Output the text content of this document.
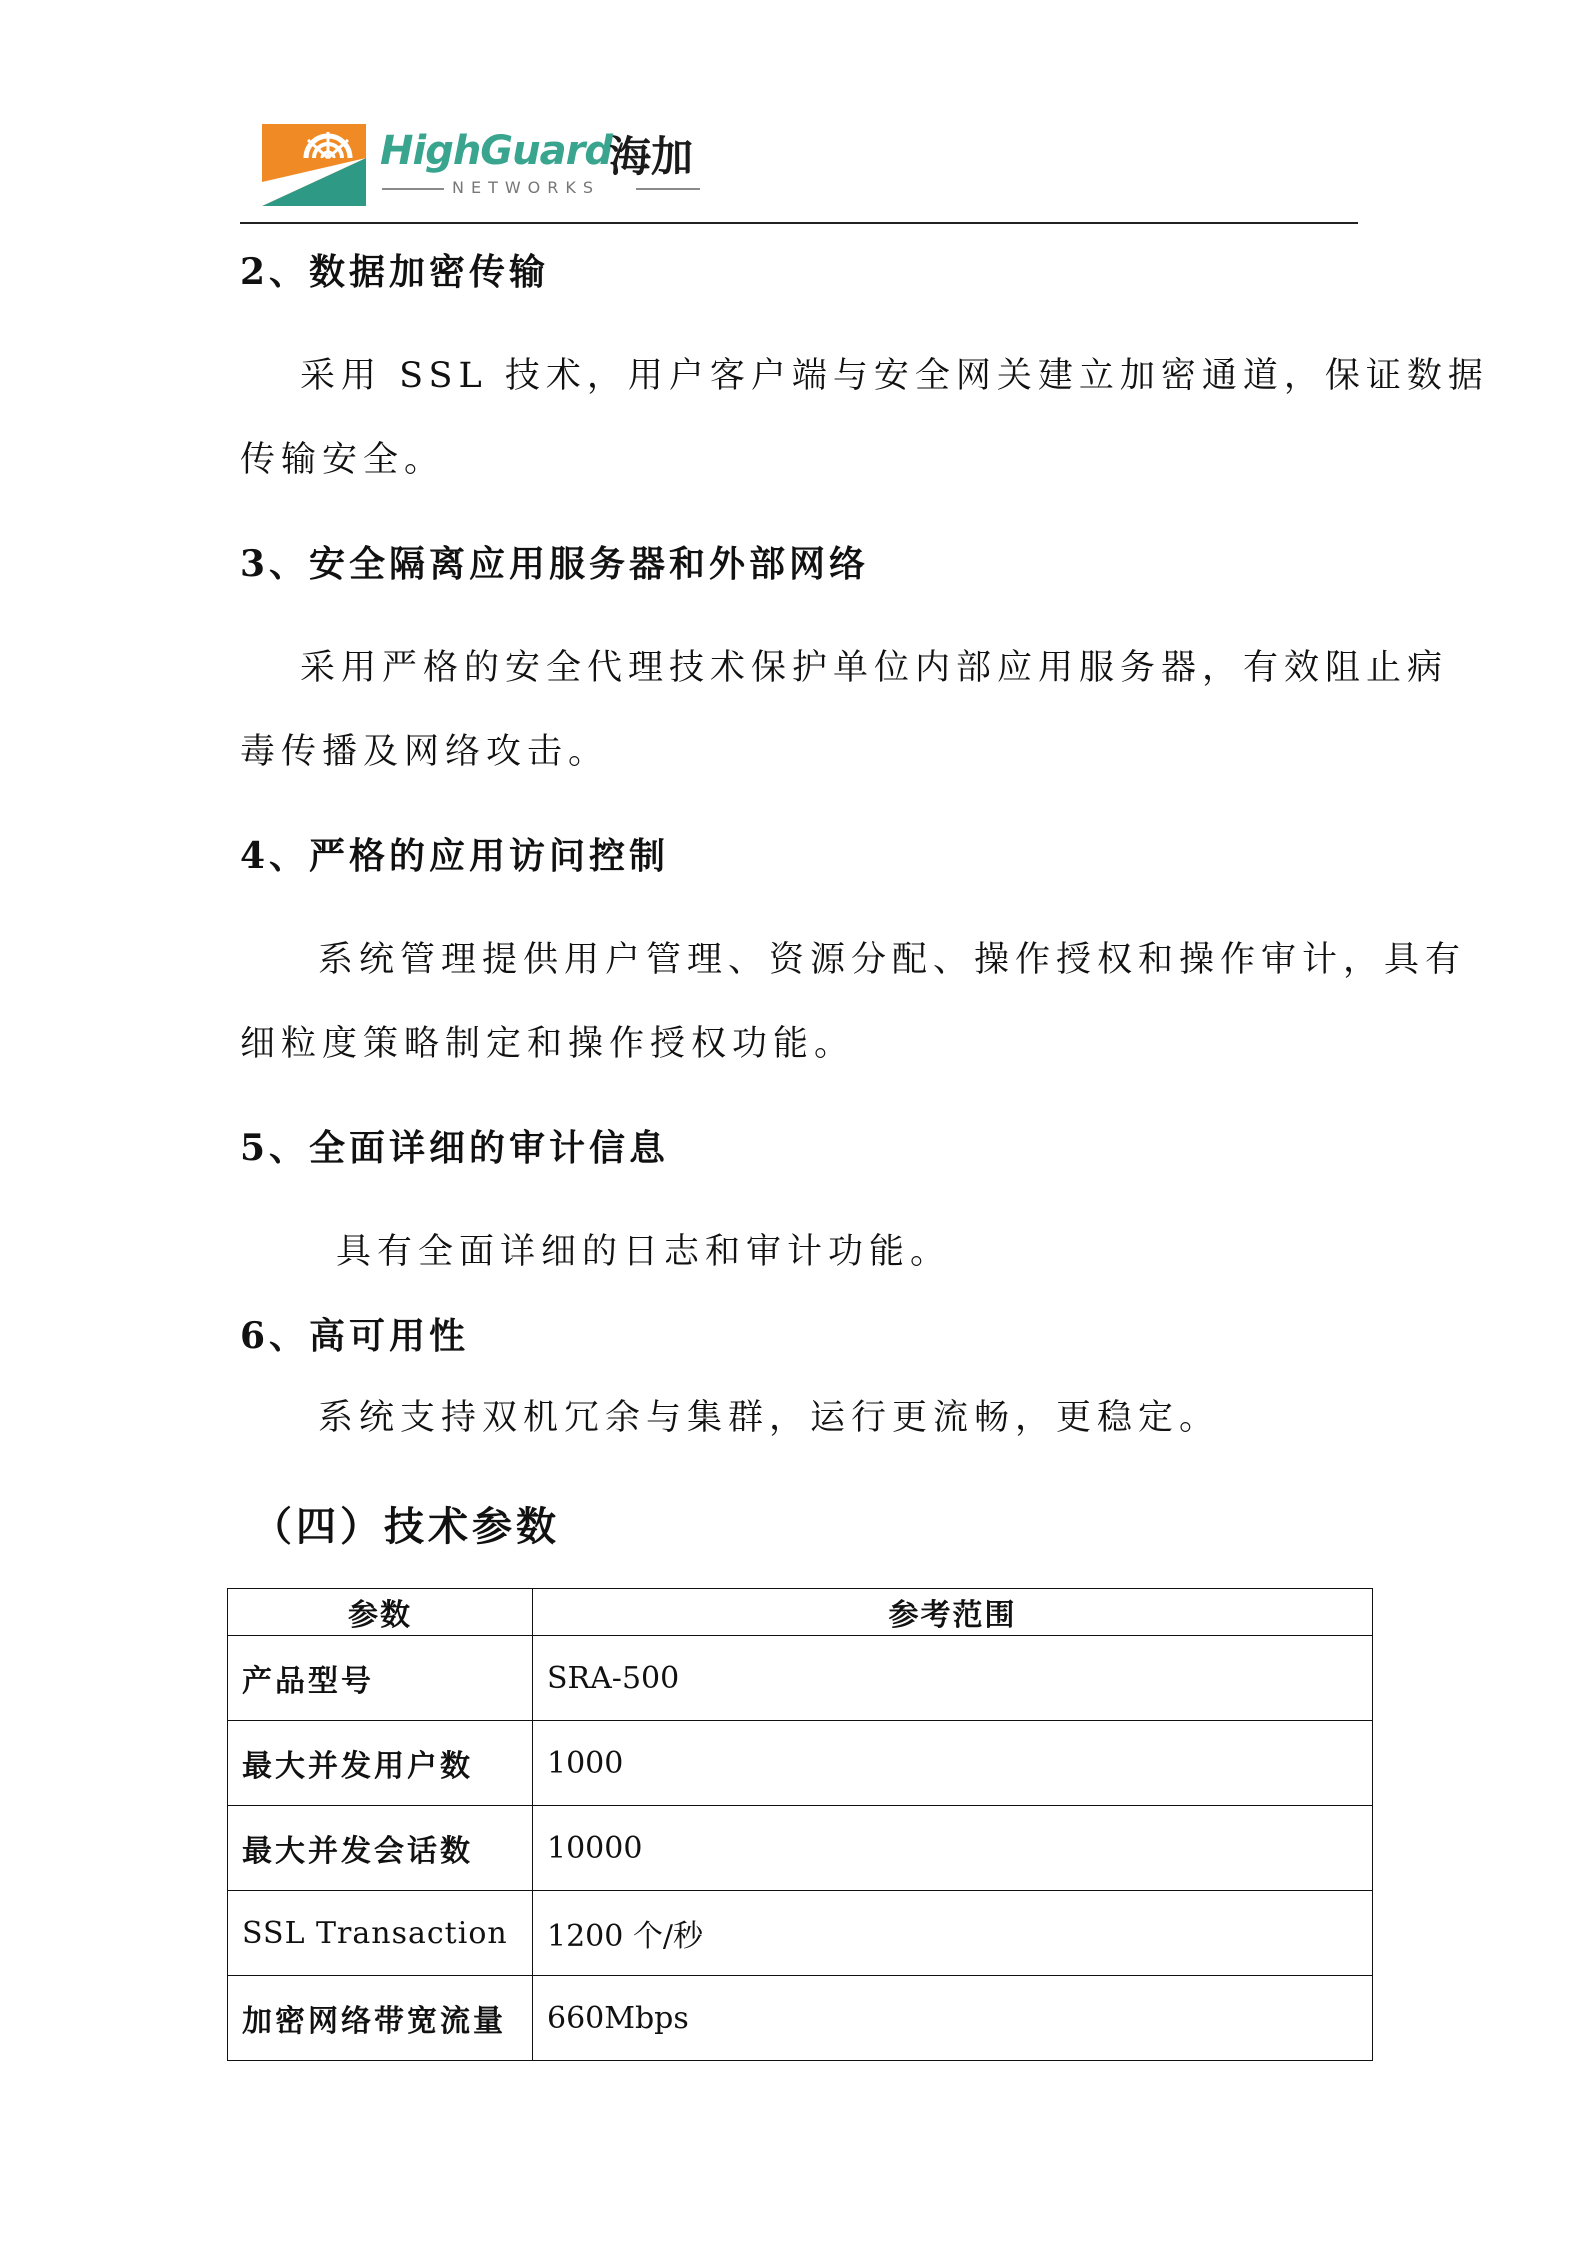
HighGuard
海加
NETWORKS
2、数据加密传输
采用 SSL 技术，用户客户端与安全网关建立加密通道，保证数据
传输安全。
3、安全隔离应用服务器和外部网络
采用严格的安全代理技术保护单位内部应用服务器，有效阻止病
毒传播及网络攻击。
4、严格的应用访问控制
系统管理提供用户管理、资源分配、操作授权和操作审计，具有
细粒度策略制定和操作授权功能。
5、全面详细的审计信息
具有全面详细的日志和审计功能。
6、高可用性
系统支持双机冗余与集群，运行更流畅，更稳定。
（四）技术参数
参数	参考范围
产品型号	SRA-500
最大并发用户数	1000
最大并发会话数	10000
SSL Transaction	1200 个/秒
加密网络带宽流量	660Mbps
